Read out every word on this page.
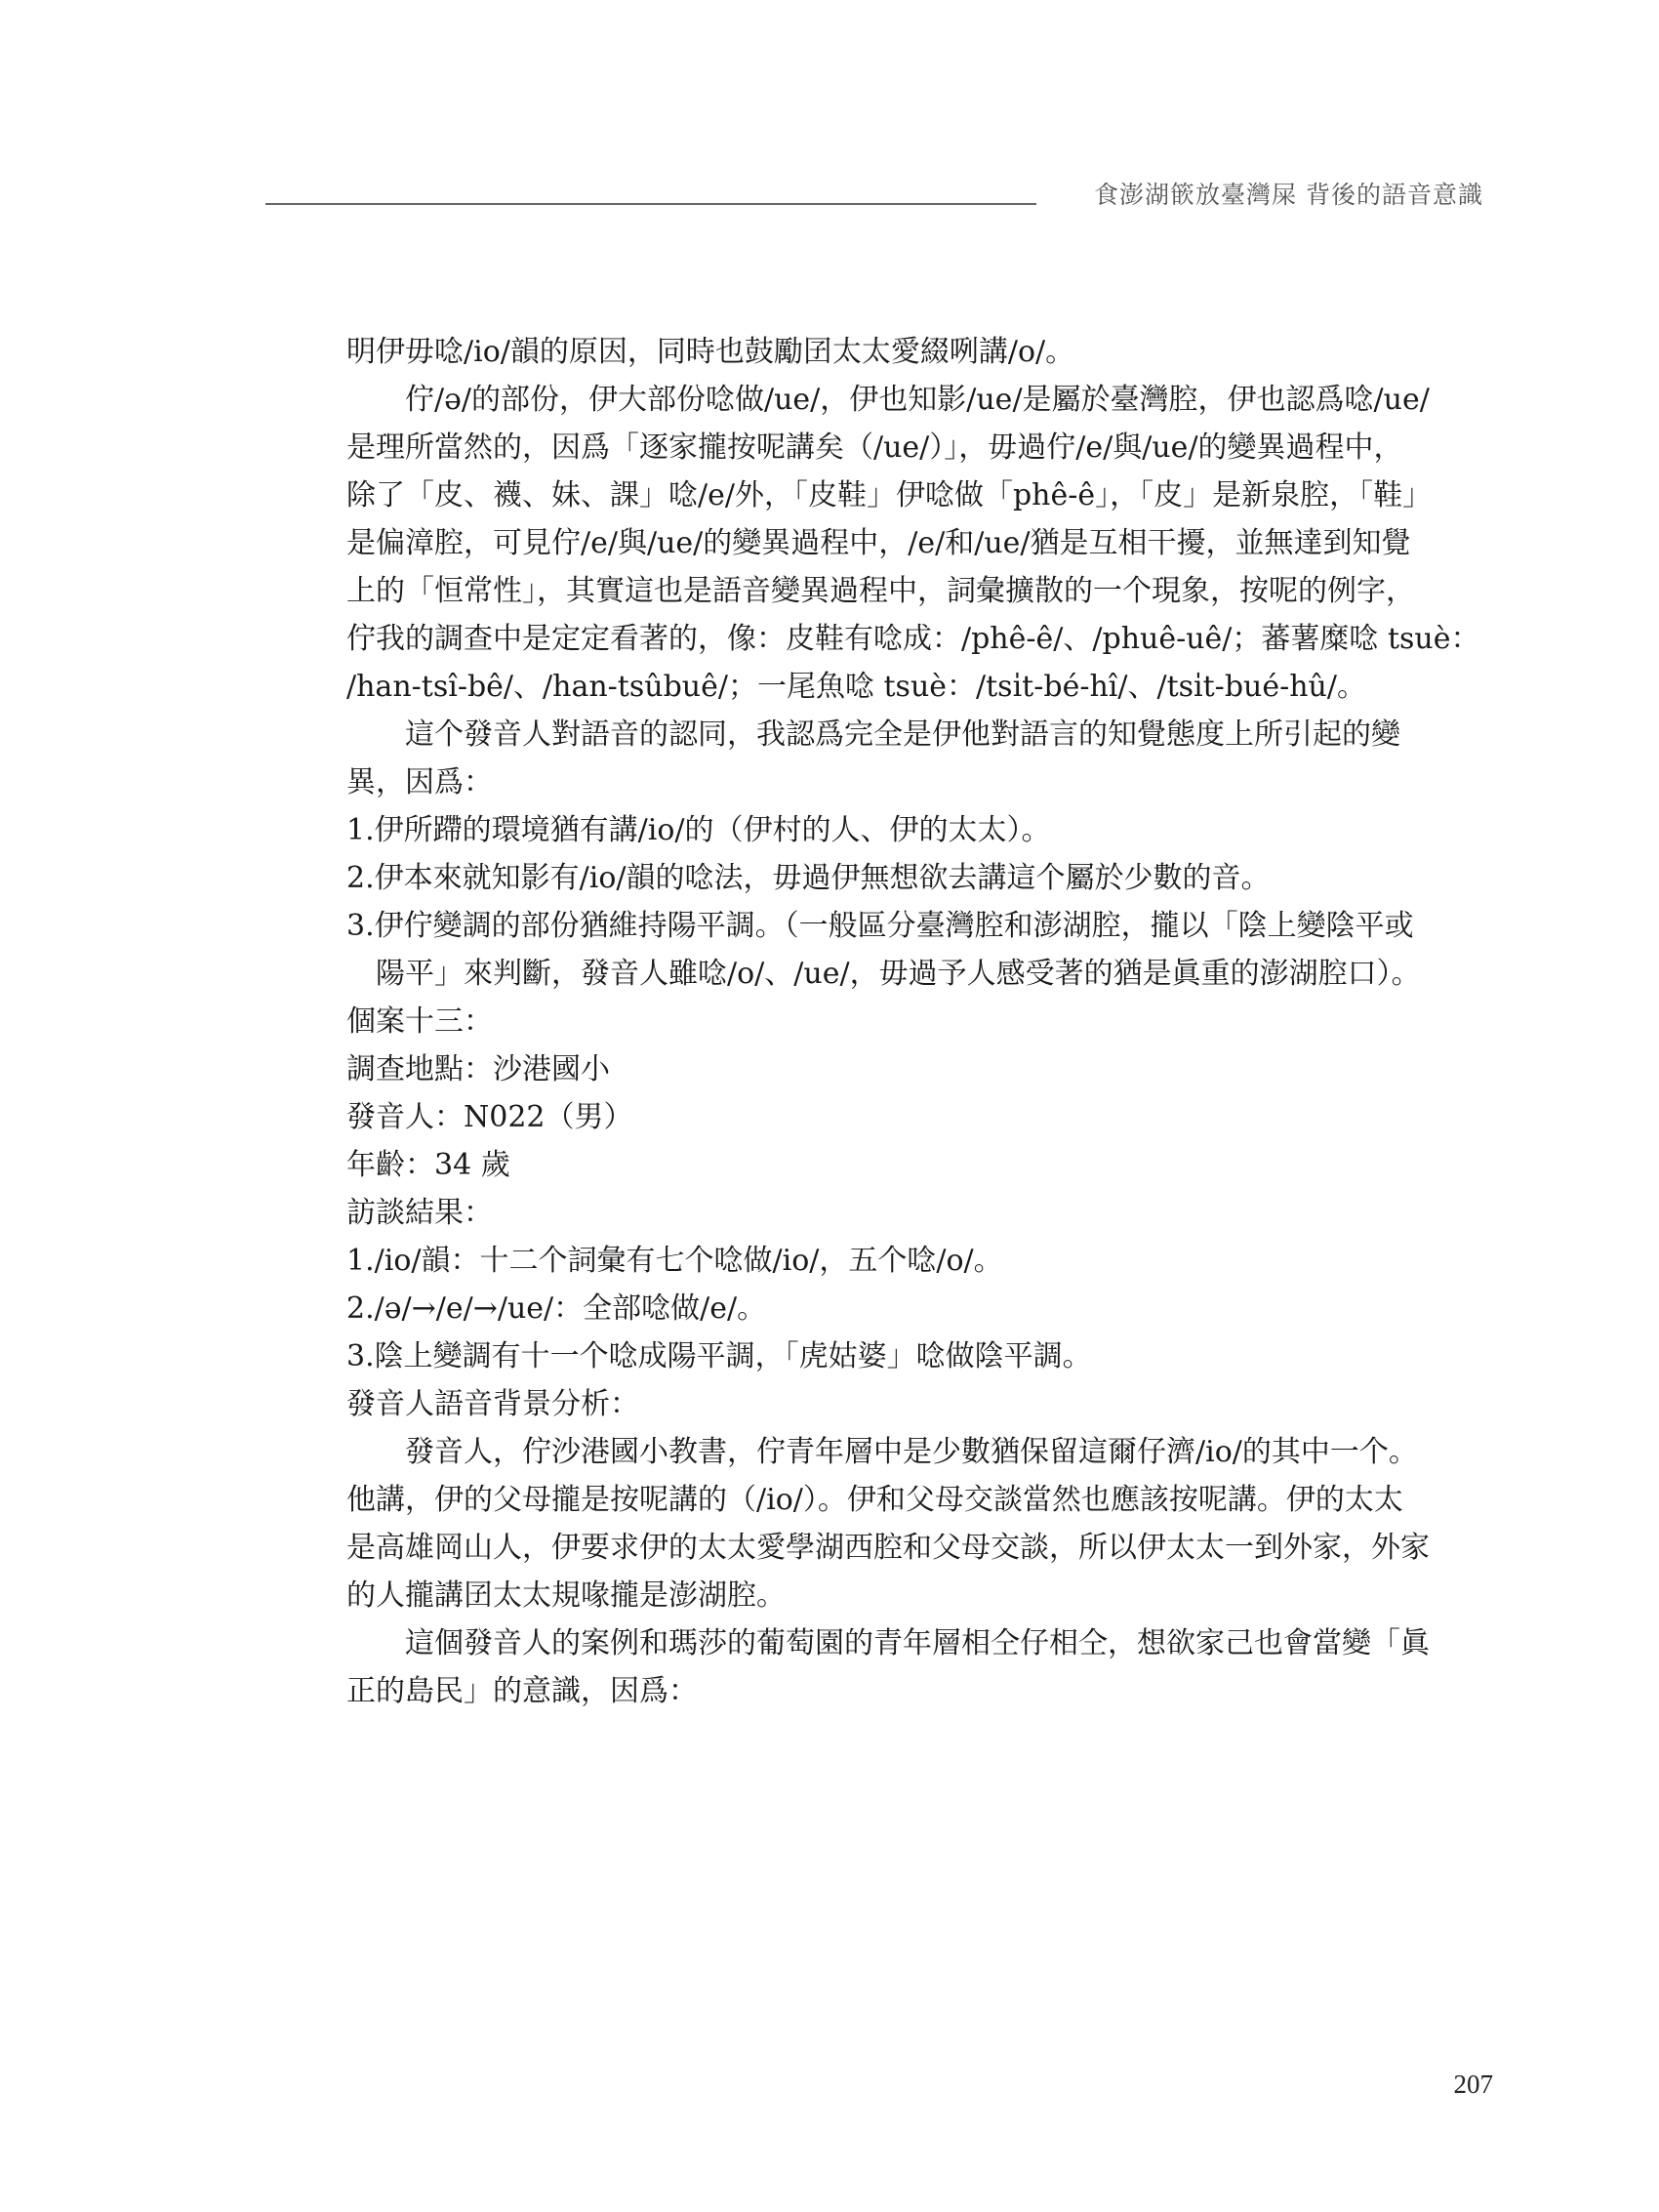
食澎湖篏放臺灣屎 背後的語音意識
明伊毋唸/io/韻的原因，同時也鼓勵囝太太愛綴咧講/o/。
佇/ə/的部份，伊大部份唸做/ue/，伊也知影/ue/是屬於臺灣腔，伊也認爲唸/ue/
是理所當然的，因爲「逐家攏按呢講矣（/ue/）」，毋過佇/e/與/ue/的變異過程中，
除了「皮、襪、妹、課」唸/e/外，「皮鞋」伊唸做「phê-ê」，「皮」是新泉腔，「鞋」
是偏漳腔，可見佇/e/與/ue/的變異過程中，/e/和/ue/猶是互相干擾，並無達到知覺
上的「恒常性」，其實這也是語音變異過程中，詞彙擴散的一个現象，按呢的例字，
佇我的調查中是定定看著的，像：皮鞋有唸成：/phê-ê/、/phuê-uê/；蕃薯糜唸 tsuè：
/han-tsî-bê/、/han-tsûbuê/；一尾魚唸 tsuè：/tsi̍t-bé-hî/、/tsi̍t-bué-hû/。
這个發音人對語音的認同，我認爲完全是伊他對語言的知覺態度上所引起的變
異，因爲：
1.伊所蹛的環境猶有講/io/的（伊村的人、伊的太太）。
2.伊本來就知影有/io/韻的唸法，毋過伊無想欲去講這个屬於少數的音。
3.伊佇變調的部份猶維持陽平調。（一般區分臺灣腔和澎湖腔，攏以「陰上變陰平或
陽平」來判斷，發音人雖唸/o/、/ue/，毋過予人感受著的猶是眞重的澎湖腔口）。
個案十三：
調查地點：沙港國小
發音人：N022（男）
年齡：34 歲
訪談結果：
1./io/韻：十二个詞彙有七个唸做/io/，五个唸/o/。
2./ə/→/e/→/ue/：全部唸做/e/。
3.陰上變調有十一个唸成陽平調，「虎姑婆」唸做陰平調。
發音人語音背景分析：
發音人，佇沙港國小教書，佇青年層中是少數猶保留這爾仔濟/io/的其中一个。
他講，伊的父母攏是按呢講的（/io/）。伊和父母交談當然也應該按呢講。伊的太太
是高雄岡山人，伊要求伊的太太愛學湖西腔和父母交談，所以伊太太一到外家，外家
的人攏講囝太太規喙攏是澎湖腔。
這個發音人的案例和瑪莎的葡萄園的青年層相仝仔相仝，想欲家己也會當變「眞
正的島民」的意識，因爲：
207
